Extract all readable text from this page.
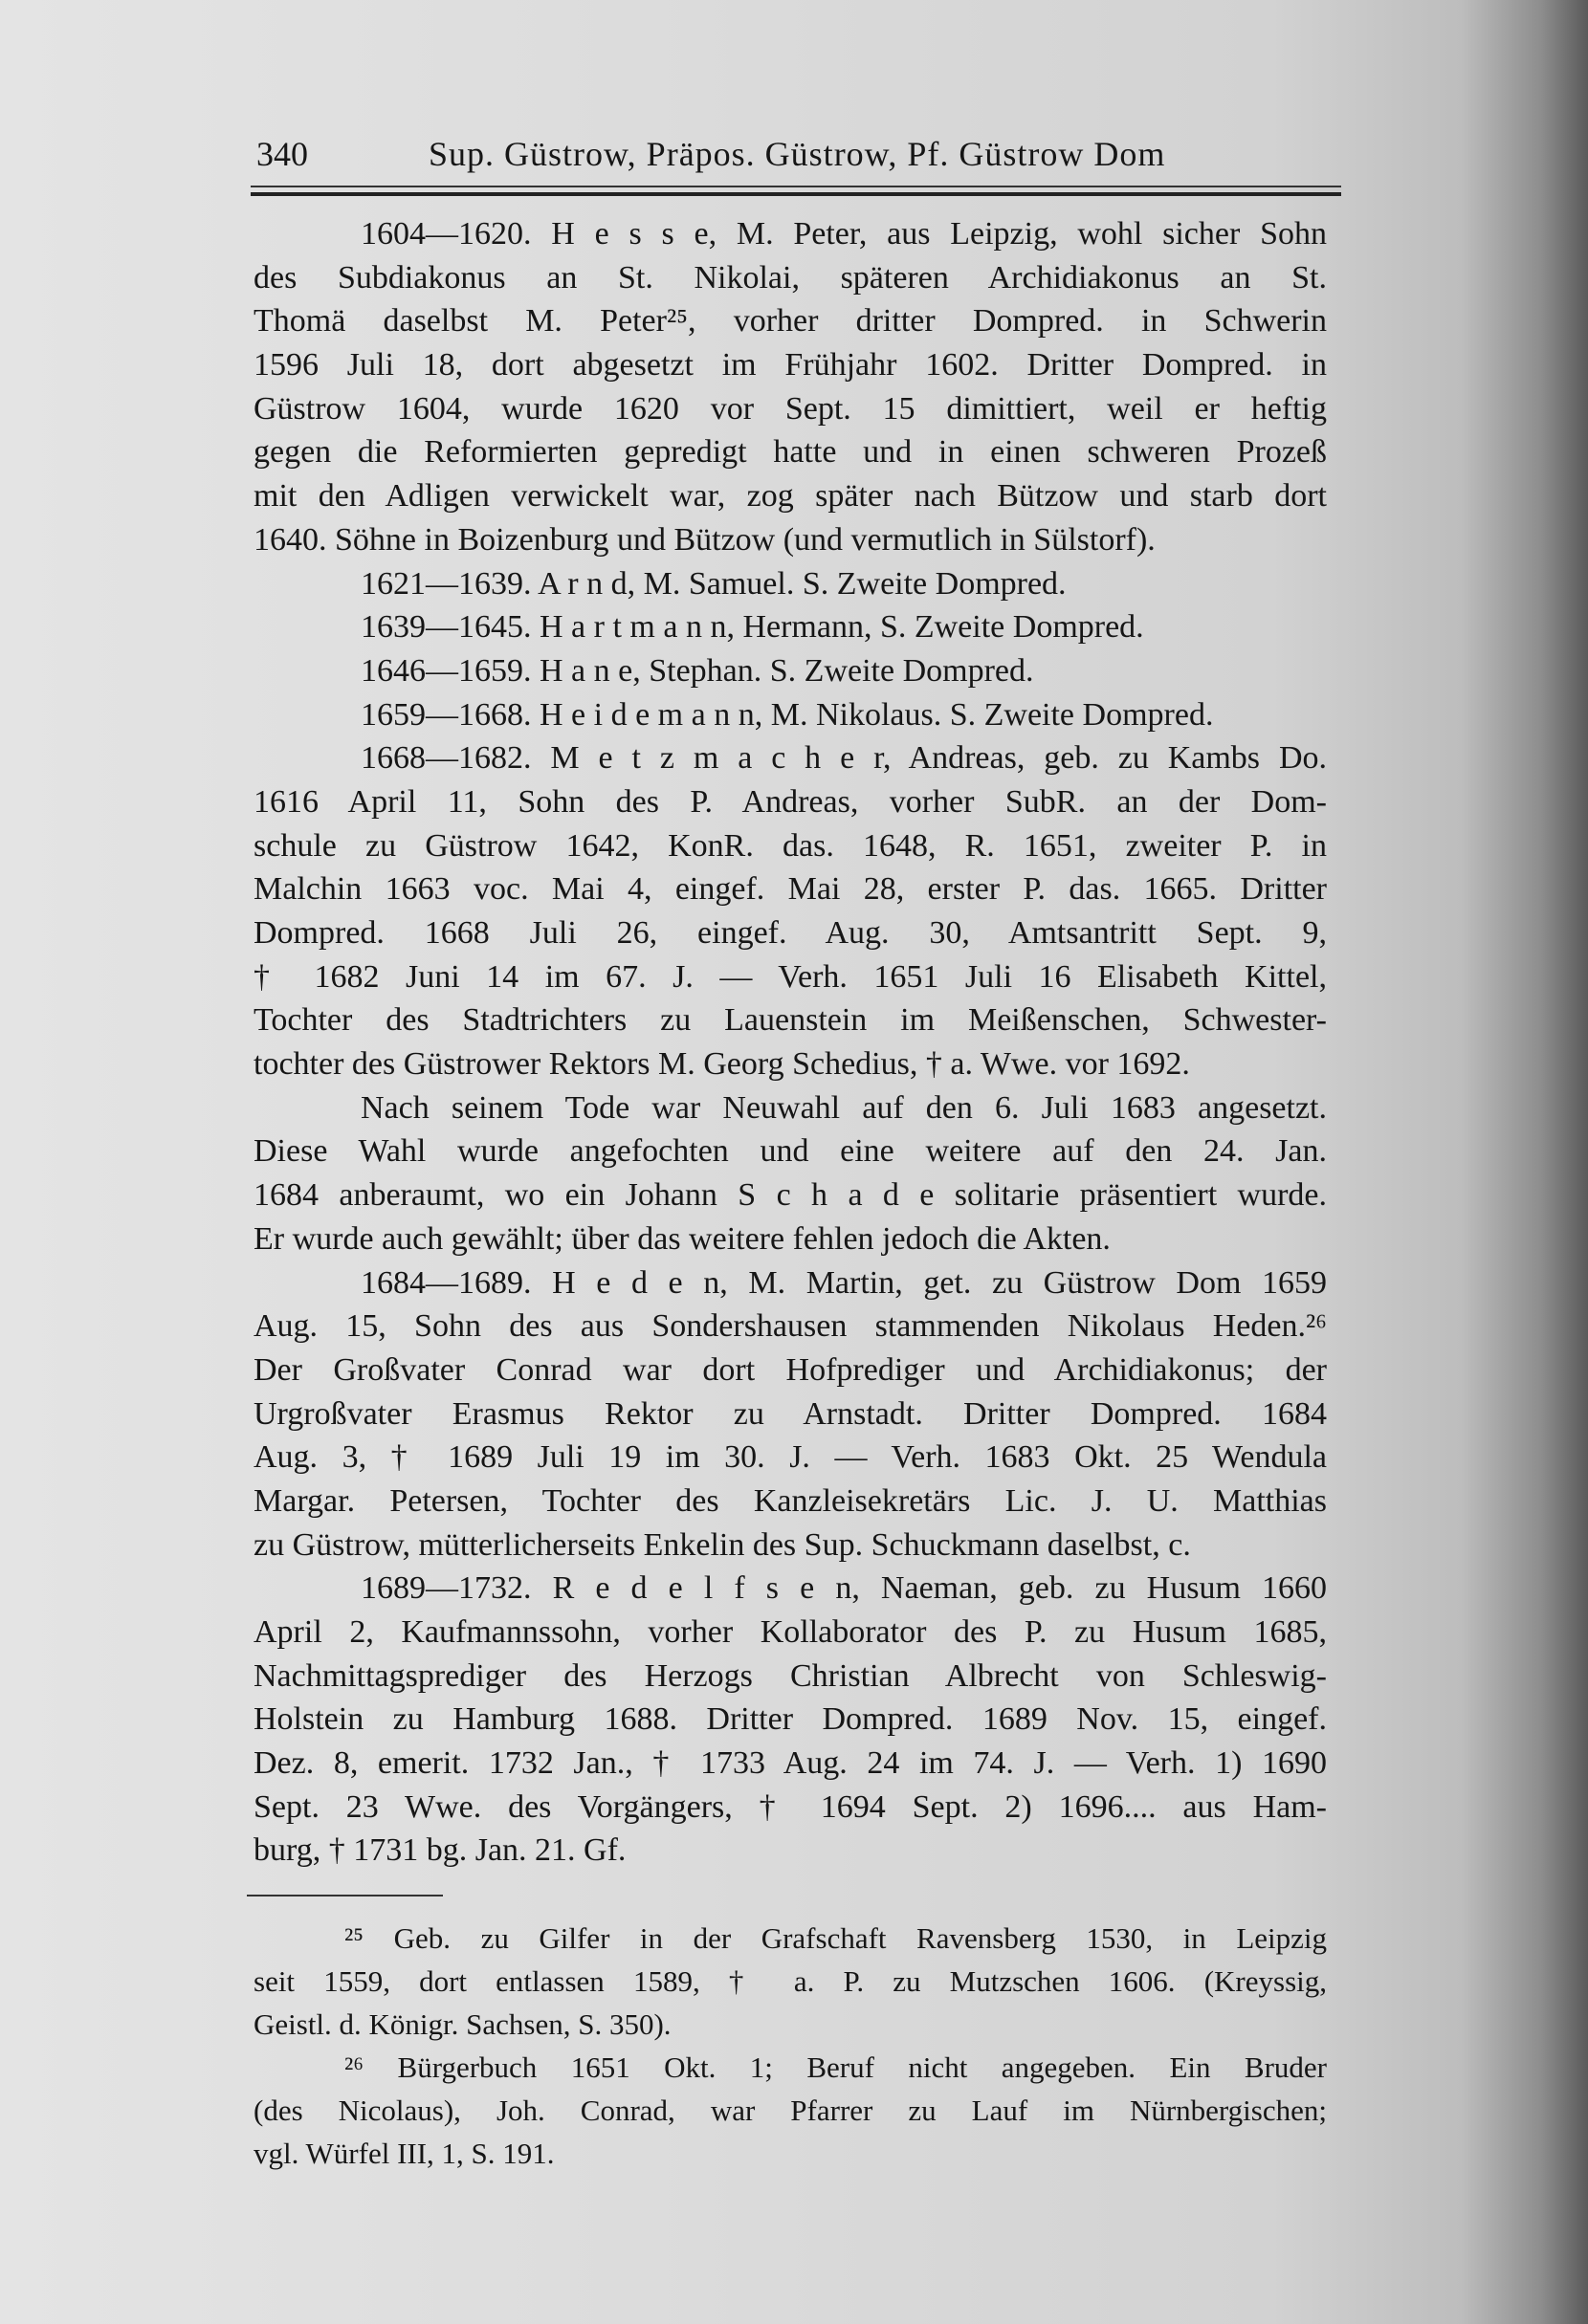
340	Sup. Güstrow, Präpos. Güstrow, Pf. Güstrow Dom
1604—1620. H e s s e, M. Peter, aus Leipzig, wohl sicher Sohn
des Subdiakonus an St. Nikolai, späteren Archidiakonus an St.
Thomä daselbst M. Peter²⁵, vorher dritter Dompred. in Schwerin
1596 Juli 18, dort abgesetzt im Frühjahr 1602. Dritter Dompred. in
Güstrow 1604, wurde 1620 vor Sept. 15 dimittiert, weil er heftig
gegen die Reformierten gepredigt hatte und in einen schweren Prozeß
mit den Adligen verwickelt war, zog später nach Bützow und starb dort
1640. Söhne in Boizenburg und Bützow (und vermutlich in Sülstorf).
1621—1639. A r n d, M. Samuel. S. Zweite Dompred.
1639—1645. H a r t m a n n, Hermann, S. Zweite Dompred.
1646—1659. H a n e, Stephan. S. Zweite Dompred.
1659—1668. H e i d e m a n n, M. Nikolaus. S. Zweite Dompred.
1668—1682. M e t z m a c h e r, Andreas, geb. zu Kambs Do.
1616 April 11, Sohn des P. Andreas, vorher SubR. an der Dom-
schule zu Güstrow 1642, KonR. das. 1648, R. 1651, zweiter P. in
Malchin 1663 voc. Mai 4, eingef. Mai 28, erster P. das. 1665. Dritter
Dompred. 1668 Juli 26, eingef. Aug. 30, Amtsantritt Sept. 9,
† 1682 Juni 14 im 67. J. — Verh. 1651 Juli 16 Elisabeth Kittel,
Tochter des Stadtrichters zu Lauenstein im Meißenschen, Schwester-
tochter des Güstrower Rektors M. Georg Schedius, † a. Wwe. vor 1692.
Nach seinem Tode war Neuwahl auf den 6. Juli 1683 angesetzt.
Diese Wahl wurde angefochten und eine weitere auf den 24. Jan.
1684 anberaumt, wo ein Johann S c h a d e solitarie präsentiert wurde.
Er wurde auch gewählt; über das weitere fehlen jedoch die Akten.
1684—1689. H e d e n, M. Martin, get. zu Güstrow Dom 1659
Aug. 15, Sohn des aus Sondershausen stammenden Nikolaus Heden.²⁶
Der Großvater Conrad war dort Hofprediger und Archidiakonus; der
Urgroßvater Erasmus Rektor zu Arnstadt. Dritter Dompred. 1684
Aug. 3, † 1689 Juli 19 im 30. J. — Verh. 1683 Okt. 25 Wendula
Margar. Petersen, Tochter des Kanzleisekretärs Lic. J. U. Matthias
zu Güstrow, mütterlicherseits Enkelin des Sup. Schuckmann daselbst, c.
1689—1732. R e d e l f s e n, Naeman, geb. zu Husum 1660
April 2, Kaufmannssohn, vorher Kollaborator des P. zu Husum 1685,
Nachmittagsprediger des Herzogs Christian Albrecht von Schleswig-
Holstein zu Hamburg 1688. Dritter Dompred. 1689 Nov. 15, eingef.
Dez. 8, emerit. 1732 Jan., † 1733 Aug. 24 im 74. J. — Verh. 1) 1690
Sept. 23 Wwe. des Vorgängers, † 1694 Sept. 2) 1696.... aus Ham-
burg, † 1731 bg. Jan. 21. Gf.
²⁵ Geb. zu Gilfer in der Grafschaft Ravensberg 1530, in Leipzig
seit 1559, dort entlassen 1589, † a. P. zu Mutzschen 1606. (Kreyssig,
Geistl. d. Königr. Sachsen, S. 350).
²⁶ Bürgerbuch 1651 Okt. 1; Beruf nicht angegeben. Ein Bruder
(des Nicolaus), Joh. Conrad, war Pfarrer zu Lauf im Nürnbergischen;
vgl. Würfel III, 1, S. 191.
